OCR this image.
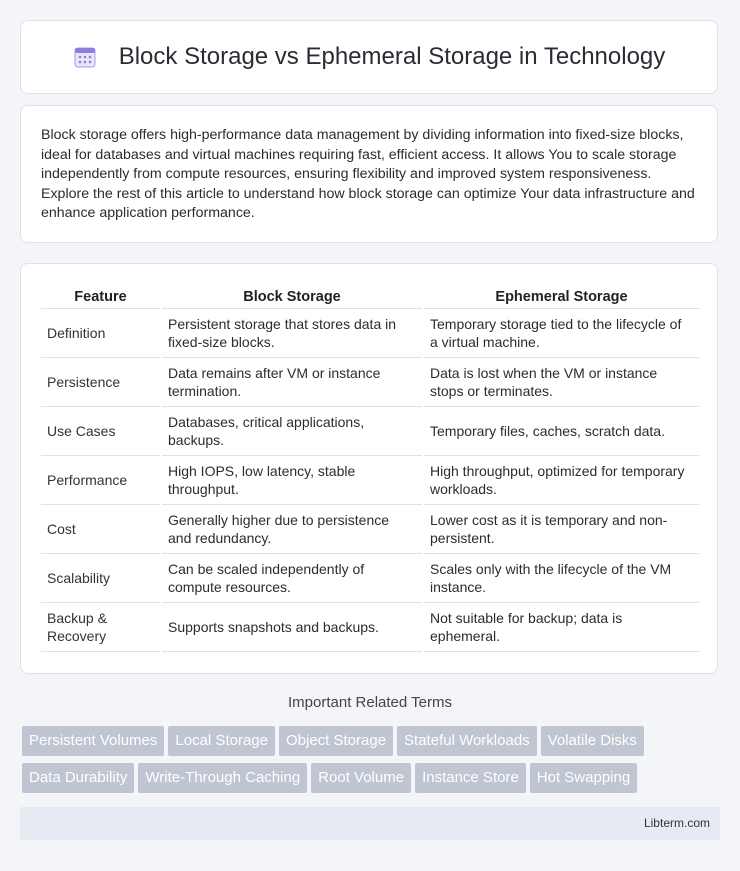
Block Storage vs Ephemeral Storage in Technology

Block storage offers high-performance data management by dividing information into fixed-size blocks, ideal for databases and virtual machines requiring fast, efficient access. It allows You to scale storage independently from compute resources, ensuring flexibility and improved system responsiveness. Explore the rest of this article to understand how block storage can optimize Your data infrastructure and enhance application performance.

Feature	Block Storage	Ephemeral Storage
Definition	Persistent storage that stores data in fixed-size blocks.	Temporary storage tied to the lifecycle of a virtual machine.
Persistence	Data remains after VM or instance termination.	Data is lost when the VM or instance stops or terminates.
Use Cases	Databases, critical applications, backups.	Temporary files, caches, scratch data.
Performance	High IOPS, low latency, stable throughput.	High throughput, optimized for temporary workloads.
Cost	Generally higher due to persistence and redundancy.	Lower cost as it is temporary and non-persistent.
Scalability	Can be scaled independently of compute resources.	Scales only with the lifecycle of the VM instance.
Backup & Recovery	Supports snapshots and backups.	Not suitable for backup; data is ephemeral.
Important Related Terms
Persistent Volumes Local Storage Object Storage Stateful Workloads Volatile DisksData Durability Write-Through Caching Root Volume Instance Store Hot Swapping
Libterm.com
